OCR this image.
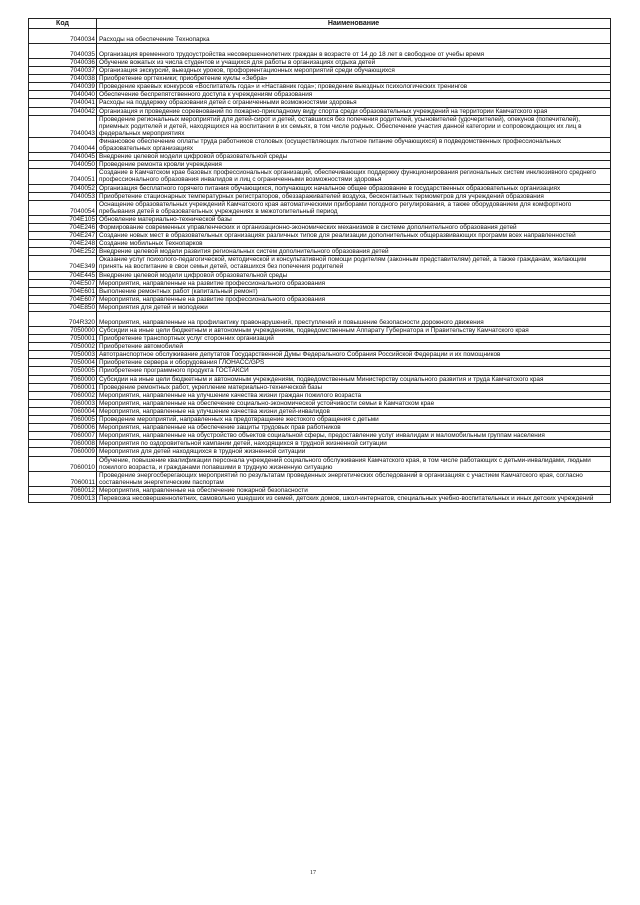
Код	Наименование
7040034	Расходы на обеспечение Технопарка
7040035	Организация временного трудоустройства несовершеннолетних граждан в возрасте от 14 до 18 лет в свободное от учебы время
7040036	Обучение вожатых из числа студентов и учащихся для работы в организациях отдыха детей
7040037	Организация экскурсий, выездных уроков, профориентационных мероприятий среди обучающихся
7040038	Приобретение оргтехники; приобретение куклы «Зебра»
7040039	Проведение краевых конкурсов «Воспитатель года» и «Наставник года»; проведение выездных психологических тренингов
7040040	Обеспечение беспрепятственного доступа к учреждениям образования
7040041	Расходы на поддержку образования детей с ограниченными возможностями здоровья
7040042	Организация и проведение соревнований по пожарно-прикладному виду спорта среди образовательных учреждений на территории Камчатского края
7040043	Проведение региональных мероприятий для детей-сирот и детей, оставшихся без попечения родителей, усыновителей (удочерителей), опекунов (попечителей), приемных родителей и детей, находящихся на воспитании в их семьях, в том числе родных. Обеспечение участия данной категории и сопровождающих их лиц в федеральных мероприятиях
7040044	Финансовое обеспечение оплаты труда работников столовых (осуществляющих льготное питание обучающихся) в подведомственных профессиональных образовательных организациях
7040045	Внедрение целевой модели цифровой образовательной среды
7040050	Проведение ремонта кровли учреждения
7040051	Создание в Камчатском крае базовых профессиональных организаций, обеспечивающих поддержку функционирования региональных систем инклюзивного среднего профессионального образования инвалидов и лиц с ограниченными возможностями здоровья
7040052	Организация бесплатного горячего питания обучающихся, получающих начальное общее образование в государственных образовательных организациях
7040053	Приобретение стационарных температурных регистраторов, обеззараживателей воздуха, бесконтактных термометров для учреждений образования
7040054	Оснащение образовательных учреждений Камчатского края автоматическими приборами погодного регулирования, а также оборудованием для комфортного пребывания детей в образовательных учреждениях в межотопительный период
704E105	Обновление материально-технической базы
704E246	Формирование современных управленческих и организационно-экономических механизмов в системе дополнительного образования детей
704E247	Создание новых мест в образовательных организациях различных типов для реализации дополнительных общеразвивающих программ всех направленностей
704E248	Создание мобильных Технопарков
704E252	Внедрение целевой модели развития региональных систем дополнительного образования детей
704E349	Оказание услуг психолого-педагогической, методической и консультативной помощи родителям (законным представителям) детей, а также гражданам, желающим принять на воспитание в свои семьи детей, оставшихся без попечения родителей
704E445	Внедрение целевой модели цифровой образовательной среды
704E507	Мероприятия, направленные на развитие профессионального образования
704E601	Выполнение ремонтных работ (капитальный ремонт)
704E607	Мероприятия, направленные на развитие профессионального образования
704E850	Мероприятия для детей и молодежи
704R320	Мероприятия, направленные на профилактику правонарушений, преступлений и повышение безопасности дорожного движения
7050000	Субсидии на иные цели бюджетным и автономным учреждениям, подведомственным Аппарату Губернатора и Правительству Камчатского края
7050001	Приобретение транспортных услуг сторонних организаций
7050002	Приобретение автомобилей
7050003	Автотранспортное обслуживание депутатов Государственной Думы Федерального Собрания Российской Федерации и их помощников
7050004	Приобретение сервера и оборудования ГЛОНАСС/GPS
7050005	Приобретение программного продукта ГОСТАКСИ
7060000	Субсидии на иные цели бюджетным и автономным учреждениям, подведомственным Министерству социального развития и труда Камчатского края
7060001	Проведение ремонтных работ, укрепление материально-технической базы
7060002	Мероприятия, направленные на улучшение качества жизни граждан пожилого возраста
7060003	Мероприятия, направленные на обеспечение социально-экономической устойчивости семьи в Камчатском крае
7060004	Мероприятия, направленные на улучшение качества жизни детей-инвалидов
7060005	Проведение мероприятий, направленных на предотвращение жестокого обращения с детьми
7060006	Мероприятия, направленные на обеспечение защиты трудовых прав работников
7060007	Мероприятия, направленные на обустройство объектов социальной сферы, предоставление услуг инвалидам и маломобильным группам населения
7060008	Мероприятия по оздоровительной кампании детей, находящихся в трудной жизненной ситуации
7060009	Мероприятия для детей находящихся в трудной жизненной ситуации
7060010	Обучение, повышение квалификации персонала учреждений социального обслуживания Камчатского края, в том числе работающих с детьми-инвалидами, людьми пожилого возраста, и гражданами попавшими в трудную жизненную ситуацию
7060011	Проведение энергосберегающих мероприятий по результатам проведенных энергетических обследований в организациях с участием Камчатского края, согласно составленным энергетическим паспортам
7060012	Мероприятия, направленные на обеспечение пожарной безопасности
7060013	Перевозка несовершеннолетних, самовольно ушедших из семей, детских домов, школ-интернатов, специальных учебно-воспитательных и иных детских учреждений
17
